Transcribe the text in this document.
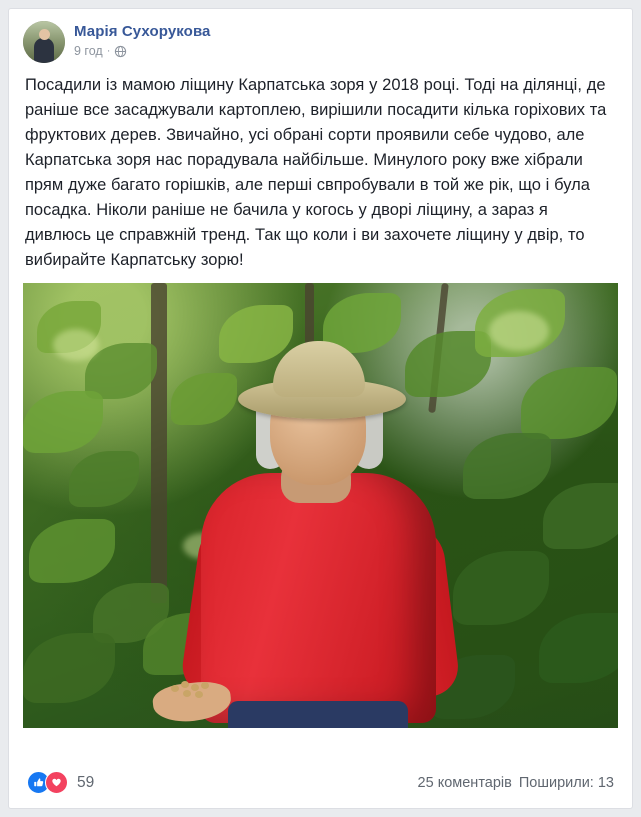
Марія Сухорукова
9 год ·
Посадили із мамою ліщину Карпатська зоря у 2018 році. Тоді на ділянці, де раніше все засаджували картоплею, вирішили посадити кілька горіхових та фруктових дерев. Звичайно, усі обрані сорти проявили себе чудово, але Карпатська зоря нас порадувала найбільше. Минулого року вже хібрали прям дуже багато горішків, але перші свпробували в той же рік, що і була посадка. Ніколи раніше не бачила у когось у дворі ліщину, а зараз я дивлюсь це справжній тренд. Так що коли і ви захочете ліщину у двір, то вибирайте Карпатську зорю!
59	25 коментарів Поширили: 13
